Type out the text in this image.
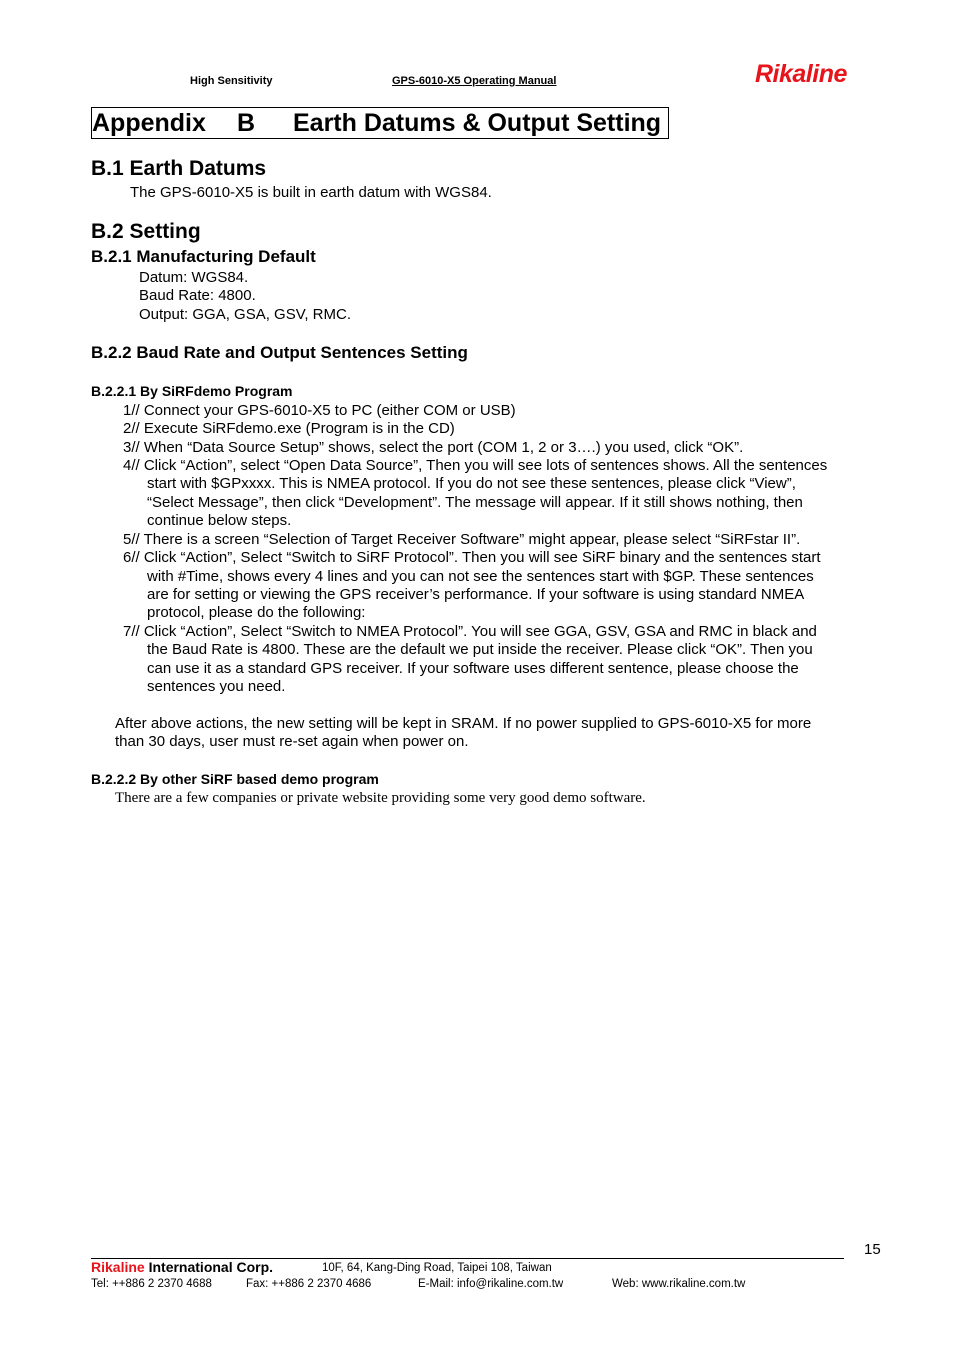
High Sensitivity	GPS-6010-X5 Operating Manual	Rikaline
Appendix B Earth Datums & Output Setting
B.1 Earth Datums
The GPS-6010-X5 is built in earth datum with WGS84.
B.2 Setting
B.2.1 Manufacturing Default
Datum: WGS84.
Baud Rate: 4800.
Output: GGA, GSA, GSV, RMC.
B.2.2 Baud Rate and Output Sentences Setting
B.2.2.1 By SiRFdemo Program
1// Connect your GPS-6010-X5 to PC (either COM or USB)
2// Execute SiRFdemo.exe (Program is in the CD)
3// When “Data Source Setup” shows, select the port (COM 1, 2 or 3….) you used, click “OK”.
4// Click “Action”, select “Open Data Source”, Then you will see lots of sentences shows. All the sentences
start with $GPxxxx. This is NMEA protocol. If you do not see these sentences, please click “View”,
“Select Message”, then click “Development”. The message will appear. If it still shows nothing, then
continue below steps.
5// There is a screen “Selection of Target Receiver Software” might appear, please select “SiRFstar II”.
6// Click “Action”, Select “Switch to SiRF Protocol”. Then you will see SiRF binary and the sentences start
with #Time, shows every 4 lines and you can not see the sentences start with $GP. These sentences
are for setting or viewing the GPS receiver’s performance. If your software is using standard NMEA
protocol, please do the following:
7// Click “Action”, Select “Switch to NMEA Protocol”. You will see GGA, GSV, GSA and RMC in black and
the Baud Rate is 4800. These are the default we put inside the receiver. Please click “OK”. Then you
can use it as a standard GPS receiver. If your software uses different sentence, please choose the
sentences you need.
After above actions, the new setting will be kept in SRAM. If no power supplied to GPS-6010-X5 for more
than 30 days, user must re-set again when power on.
B.2.2.2 By other SiRF based demo program
There are a few companies or private website providing some very good demo software.
15
Rikaline International Corp.	10F, 64, Kang-Ding Road, Taipei 108, Taiwan
Tel: ++886 2 2370 4688	Fax: ++886 2 2370 4686	E-Mail: info@rikaline.com.tw	Web: www.rikaline.com.tw
